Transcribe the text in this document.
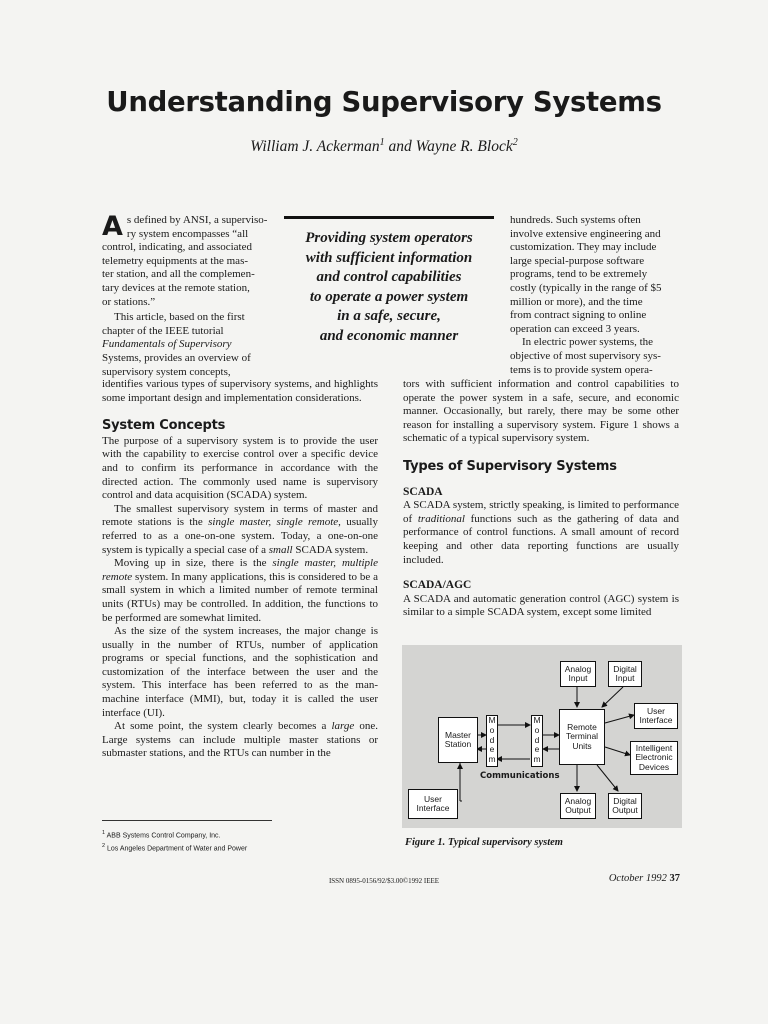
Understanding Supervisory Systems
William J. Ackerman$^1$ and Wayne R. Block$^2$
Providing system operators
with sufficient information
and control capabilities
to operate a power system
in a safe, secure,
and economic manner

A s defined by ANSI, a superviso-
ry system encompasses “all
control, indicating, and associated
telemetry equipments at the mas-
ter station, and all the complemen-
tary devices at the remote station,
or stations.”

This article, based on the first
chapter of the IEEE tutorial
Fundamentals of Supervisory
Systems, provides an overview of
supervisory system concepts,

identifies various types of supervisory systems, and highlights some important design and implementation considerations.

System Concepts

The purpose of a supervisory system is to provide the user with the capability to exercise control over a specific device and to confirm its performance in accordance with the directed action. The commonly used name is supervisory control and data acquisition (SCADA) system.

The smallest supervisory system in terms of master and remote stations is the single master, single remote, usually referred to as a one-on-one system. Today, a one-on-one system is typically a special case of a small SCADA system.

Moving up in size, there is the single master, multiple remote system. In many applications, this is considered to be a small system in which a limited number of remote terminal units (RTUs) may be controlled. In addition, the functions to be performed are somewhat limited.

As the size of the system increases, the major change is usually in the number of RTUs, number of application programs or special functions, and the sophistication and customization of the interface between the user and the system. This interface has been referred to as the man-machine interface (MMI), but, today it is called the user interface (UI).

At some point, the system clearly becomes a large one. Large systems can include multiple master stations or submaster stations, and the RTUs can number in the

hundreds. Such systems often
involve extensive engineering and
customization. They may include
large special-purpose software
programs, tend to be extremely
costly (typically in the range of $5
million or more), and the time
from contract signing to online
operation can exceed 3 years.

In electric power systems, the
objective of most supervisory sys-
tems is to provide system opera-

tors with sufficient information and control capabilities to operate the power system in a safe, secure, and economic manner. Occasionally, but rarely, there may be some other reason for installing a supervisory system. Figure 1 shows a schematic of a typical supervisory system.

Types of Supervisory Systems
SCADA

A SCADA system, strictly speaking, is limited to performance of traditional functions such as the gathering of data and performance of control functions. A small amount of record keeping and other data reporting functions are usually included.

SCADA/AGC

A SCADA and automatic generation control (AGC) system is similar to a simple SCADA system, except some limited

Analog
Input
Digital
Input
User
Interface
Master
Station
M
o
d
e
m
M
o
d
e
m
Remote
Terminal
Units	Intelligent
Electronic
Devices
Communications
User
Interface
Analog
Output
Digital
Output
Figure 1. Typical supervisory system
$^1$ ABB Systems Control Company, Inc.
$^2$ Los Angeles Department of Water and Power
ISSN 0895-0156/92/$3.00©1992 IEEE	October 1992 37
